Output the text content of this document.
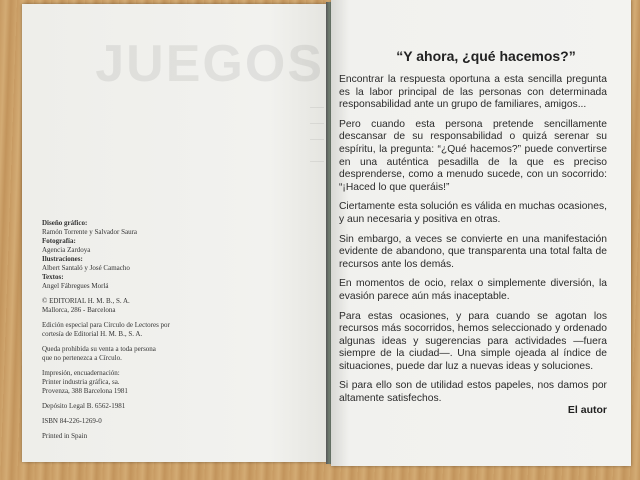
JUEGOS
—
—
—
—

Diseño gráfico:

Ramón Torrente y Salvador Saura

Fotografía:

Agencia Zardoya

Ilustraciones:

Albert Santaló y José Camacho

Textos:

Angel Fábregues Morlá

© EDITORIAL H. M. B., S. A.

Mallorca, 286 - Barcelona

Edición especial para Círculo de Lectores por

cortesía de Editorial H. M. B., S. A.

Queda prohibida su venta a toda persona

que no pertenezca a Círculo.

Impresión, encuadernación:

Printer industria gráfica, sa.

Provenza, 388 Barcelona 1981

Depósito Legal B. 6562-1981

ISBN 84-226-1269-0

Printed in Spain

“Y ahora, ¿qué hacemos?”

Encontrar la respuesta oportuna a esta sencilla pregunta es la labor principal de las personas con determinada responsabilidad ante un grupo de familiares, amigos...

Pero cuando esta persona pretende sencillamente descansar de su responsabilidad o quizá serenar su espíritu, la pregunta: “¿Qué hacemos?” puede convertirse en una auténtica pesadilla de la que es preciso desprenderse, como a menudo sucede, con un socorrido: “¡Haced lo que queráis!”

Ciertamente esta solución es válida en muchas ocasiones, y aun necesaria y positiva en otras.

Sin embargo, a veces se convierte en una manifestación evidente de abandono, que transparenta una total falta de recursos ante los demás.

En momentos de ocio, relax o simplemente diversión, la evasión parece aún más inaceptable.

Para estas ocasiones, y para cuando se agotan los recursos más socorridos, hemos seleccionado y ordenado algunas ideas y sugerencias para actividades —fuera siempre de la ciudad—. Una simple ojeada al índice de situaciones, puede dar luz a nuevas ideas y soluciones.

Si para ello son de utilidad estos papeles, nos damos por altamente satisfechos.

El autor
